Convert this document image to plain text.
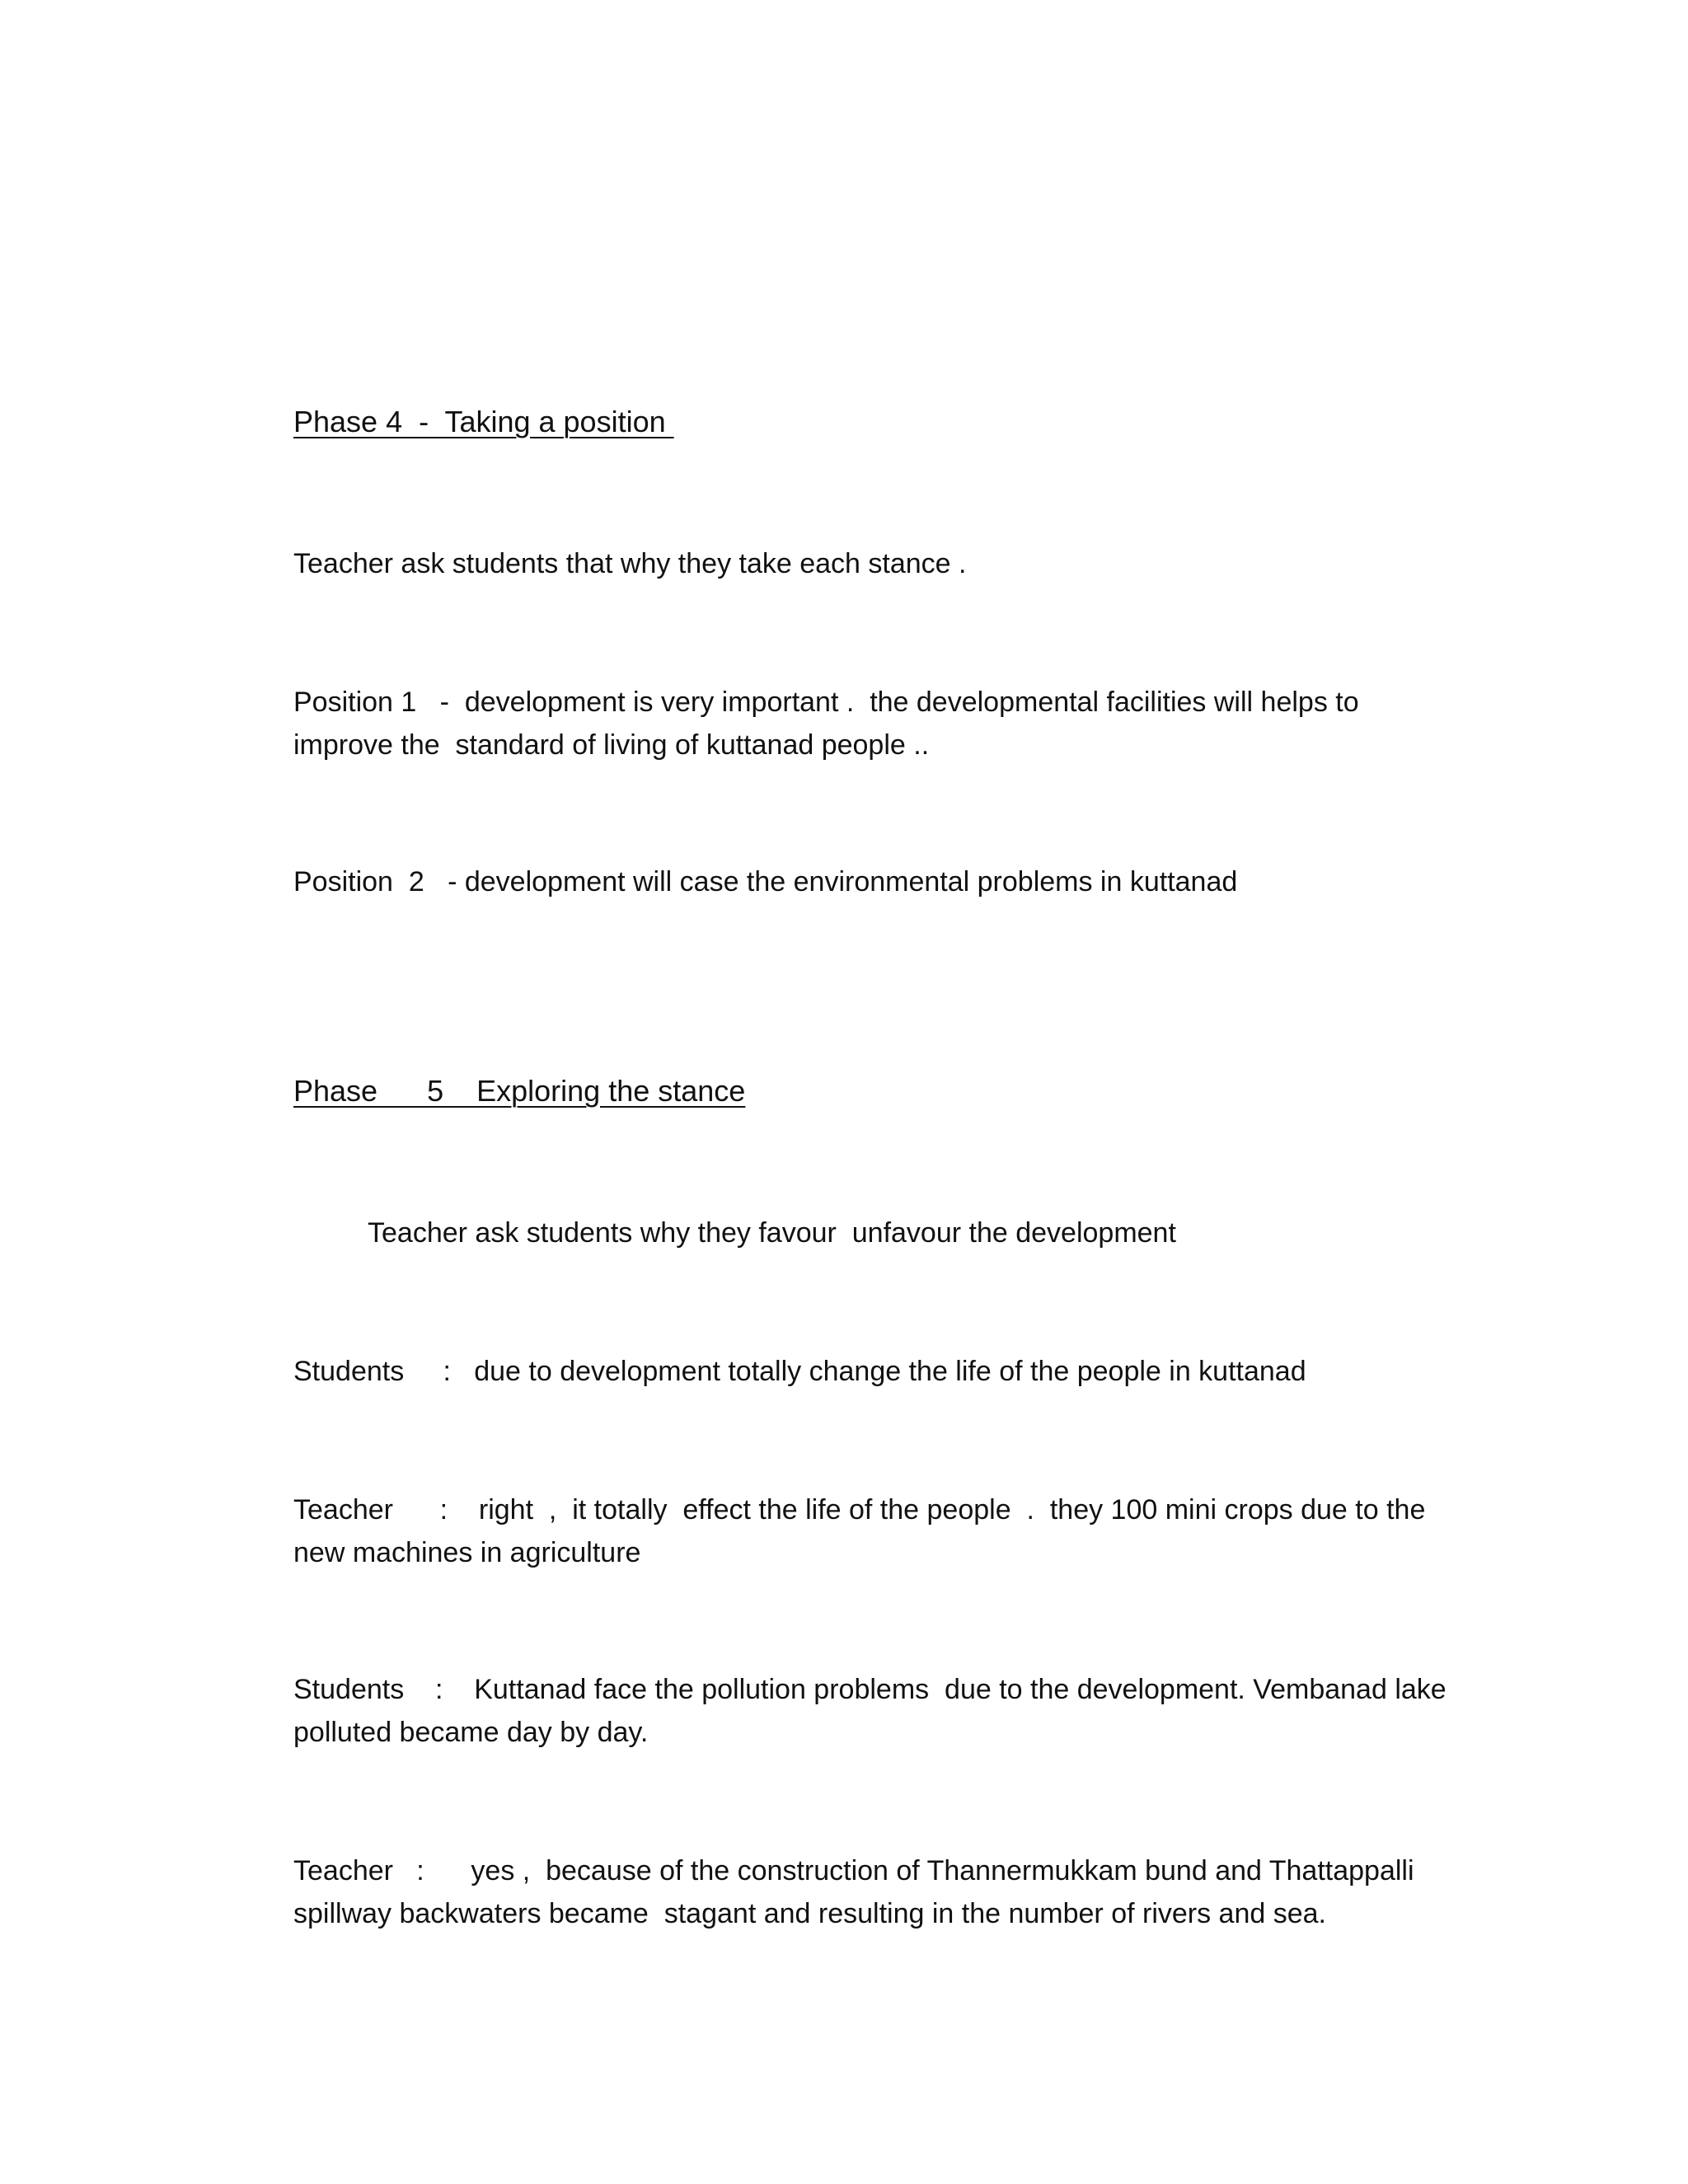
Phase 4  -  Taking a position

Teacher ask students that why they take each stance .

Position 1   -  development is very important .  the developmental facilities will helps to improve the  standard of living of kuttanad people ..

Position  2   - development will case the environmental problems in kuttanad

Phase      5    Exploring the stance

Teacher ask students why they favour  unfavour the development

Students     :   due to development totally change the life of the people in kuttanad

Teacher      :    right  ,  it totally  effect the life of the people  .  they 100 mini crops due to the new machines in agriculture

Students    :    Kuttanad face the pollution problems  due to the development. Vembanad lake polluted became day by day.

Teacher   :      yes ,  because of the construction of Thannermukkam bund and Thattappalli spillway backwaters became  stagant and resulting in the number of rivers and sea.
